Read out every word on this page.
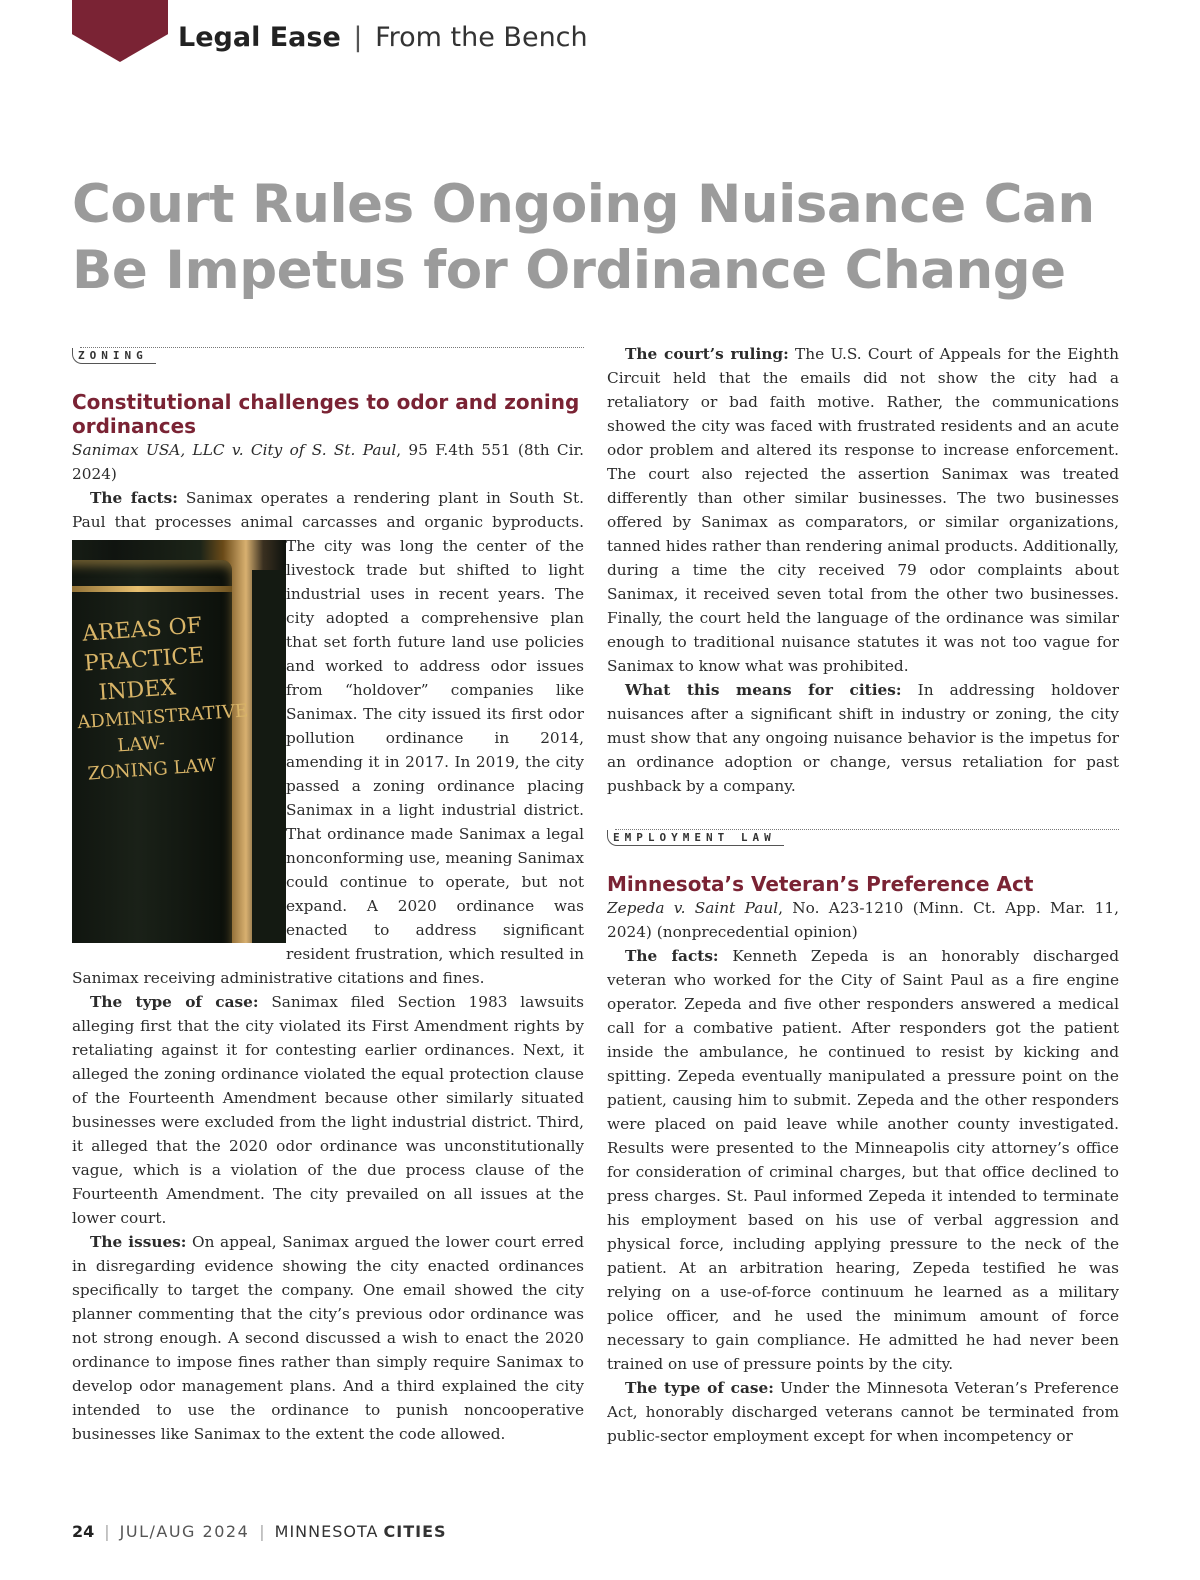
Legal Ease | From the Bench
Court Rules Ongoing Nuisance Can Be Impetus for Ordinance Change
ZONING
Constitutional challenges to odor and zoning ordinances

Sanimax USA, LLC v. City of S. St. Paul, 95 F.4th 551 (8th Cir. 2024)

The facts: Sanimax operates a rendering plant in South St. Paul that processes animal carcasses and organic
AREAS OF
PRACTICE INDEX
ADMINISTRATIVE LAW-
ZONING LAW
byproducts. The city was long the center of the livestock trade but shifted to light industrial uses in recent years. The city adopted a comprehensive plan that set forth future land use policies and worked to address odor issues from “holdover” companies like Sanimax. The city issued its first odor pollution ordinance in 2014, amending it in 2017. In 2019, the city passed a zoning ordinance placing Sanimax in a light industrial district. That ordinance made Sanimax a legal nonconforming use, meaning Sanimax could continue to operate, but not expand. A 2020 ordinance was enacted to address significant resident frustration, which resulted in Sanimax receiving administrative citations and fines.

The type of case: Sanimax filed Section 1983 lawsuits alleging first that the city violated its First Amendment rights by retaliating against it for contesting earlier ordinances. Next, it alleged the zoning ordinance violated the equal protection clause of the Fourteenth Amendment because other similarly situated businesses were excluded from the light industrial district. Third, it alleged that the 2020 odor ordinance was unconstitutionally vague, which is a violation of the due process clause of the Fourteenth Amendment. The city prevailed on all issues at the lower court.

The issues: On appeal, Sanimax argued the lower court erred in disregarding evidence showing the city enacted ordinances specifically to target the company. One email showed the city planner commenting that the city’s previous odor ordinance was not strong enough. A second discussed a wish to enact the 2020 ordinance to impose fines rather than simply require Sanimax to develop odor management plans. And a third explained the city intended to use the ordinance to punish noncooperative businesses like Sanimax to the extent the code allowed.

The court’s ruling: The U.S. Court of Appeals for the Eighth Circuit held that the emails did not show the city had a retaliatory or bad faith motive. Rather, the communications showed the city was faced with frustrated residents and an acute odor problem and altered its response to increase enforcement. The court also rejected the assertion Sanimax was treated differently than other similar businesses. The two businesses offered by Sanimax as comparators, or similar organizations, tanned hides rather than rendering animal products. Additionally, during a time the city received 79 odor complaints about Sanimax, it received seven total from the other two businesses. Finally, the court held the language of the ordinance was similar enough to traditional nuisance statutes it was not too vague for Sanimax to know what was prohibited.

What this means for cities: In addressing holdover nuisances after a significant shift in industry or zoning, the city must show that any ongoing nuisance behavior is the impetus for an ordinance adoption or change, versus retaliation for past pushback by a company.

EMPLOYMENT LAW
Minnesota’s Veteran’s Preference Act

Zepeda v. Saint Paul, No. A23-1210 (Minn. Ct. App. Mar. 11, 2024) (nonprecedential opinion)

The facts: Kenneth Zepeda is an honorably discharged veteran who worked for the City of Saint Paul as a fire engine operator. Zepeda and five other responders answered a medical call for a combative patient. After responders got the patient inside the ambulance, he continued to resist by kicking and spitting. Zepeda eventually manipulated a pressure point on the patient, causing him to submit. Zepeda and the other responders were placed on paid leave while another county investigated. Results were presented to the Minneapolis city attorney’s office for consideration of criminal charges, but that office declined to press charges. St. Paul informed Zepeda it intended to terminate his employment based on his use of verbal aggression and physical force, including applying pressure to the neck of the patient. At an arbitration hearing, Zepeda testified he was relying on a use-of-force continuum he learned as a military police officer, and he used the minimum amount of force necessary to gain compliance. He admitted he had never been trained on use of pressure points by the city.

The type of case: Under the Minnesota Veteran’s Preference Act, honorably discharged veterans cannot be terminated from public-sector employment except for when incompetency or

24 | JUL/AUG 2024 | MINNESOTA CITIES
